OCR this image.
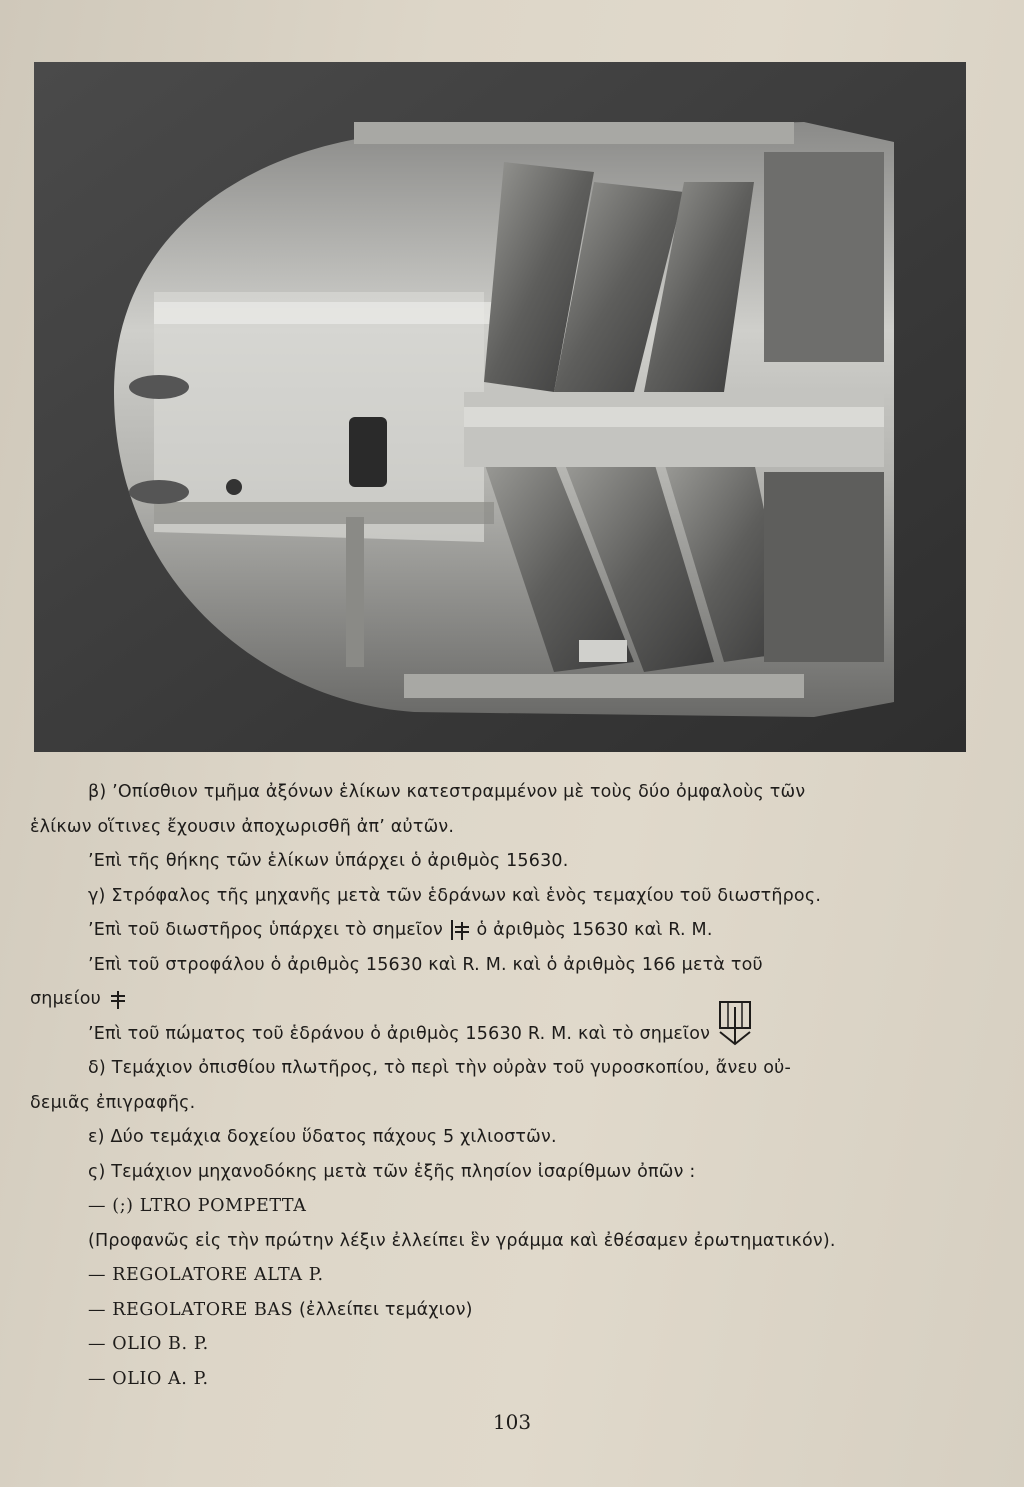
β) ’Οπίσθιον τμῆμα ἀξόνων ἑλίκων κατεστραμμένον μὲ τοὺς δύο ὀμφαλοὺς τῶν

ἑλίκων οἵτινες ἔχουσιν ἀποχωρισθῆ ἀπ’ αὐτῶν.

’Επὶ τῆς θήκης τῶν ἑλίκων ὑπάρχει ὁ ἀριθμὸς 15630.

γ) Στρόφαλος τῆς μηχανῆς μετὰ τῶν ἑδράνων καὶ ἑνὸς τεμαχίου τοῦ διωστῆρος.

’Επὶ τοῦ διωστῆρος ὑπάρχει τὸ σημεῖον ὁ ἀριθμὸς 15630 καὶ R. M.

’Επὶ τοῦ στροφάλου ὁ ἀριθμὸς 15630 καὶ R. M. καὶ ὁ ἀριθμὸς 166 μετὰ τοῦ

σημείου

’Επὶ τοῦ πώματος τοῦ ἑδράνου ὁ ἀριθμὸς 15630 R. M. καὶ τὸ σημεῖον

δ) Τεμάχιον ὀπισθίου πλωτῆρος, τὸ περὶ τὴν οὐρὰν τοῦ γυροσκοπίου, ἄνευ οὐ-

δεμιᾶς ἐπιγραφῆς.

ε) Δύο τεμάχια δοχείου ὕδατος πάχους 5 χιλιοστῶν.

ς) Τεμάχιον μηχανοδόκης μετὰ τῶν ἑξῆς πλησίον ἰσαρίθμων ὀπῶν :

— (;) LTRO POMPETTA

(Προφανῶς εἰς τὴν πρώτην λέξιν ἐλλείπει ἓν γράμμα καὶ ἐθέσαμεν ἐρωτηματικόν).

— REGOLATORE ALTA P.

— REGOLATORE BAS (ἐλλείπει τεμάχιον)

— OLIO B. P.

— OLIO A. P.

103
